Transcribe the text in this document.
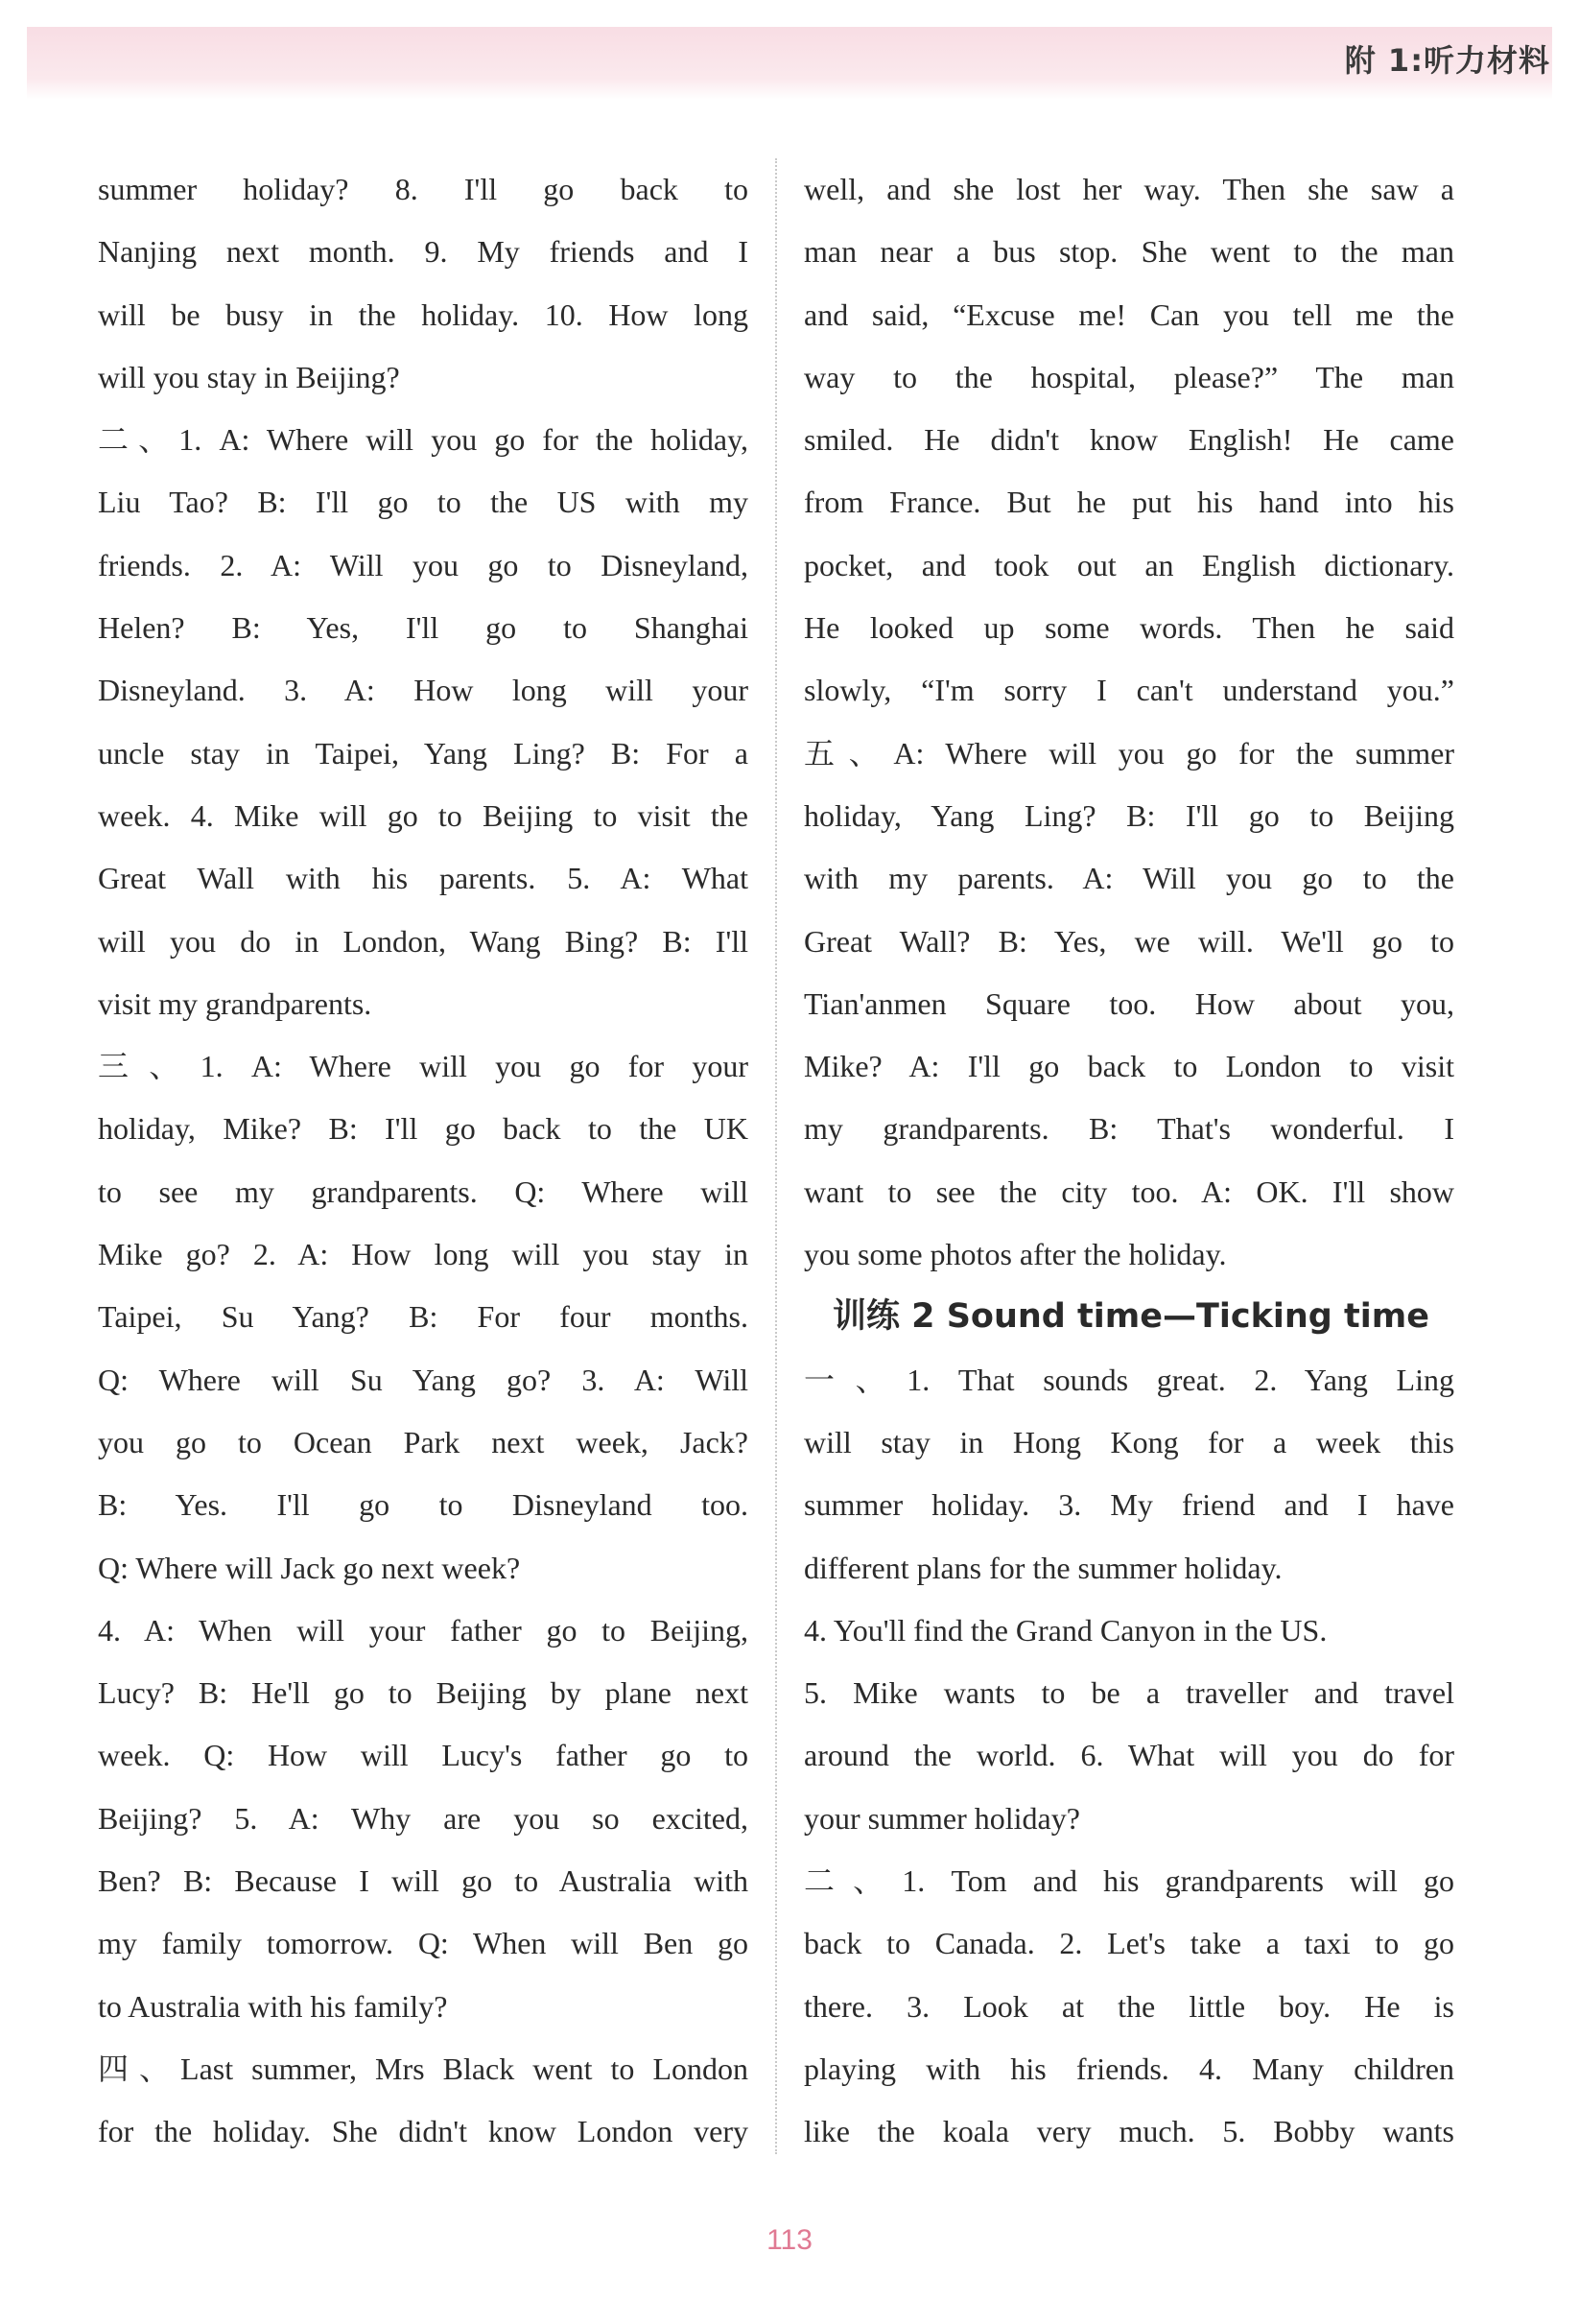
附 1:听力材料
summer holiday? 8. I'll go back to
Nanjing next month. 9. My friends and I
will be busy in the holiday. 10. How long
will you stay in Beijing?
二、1. A: Where will you go for the holiday,
Liu Tao? B: I'll go to the US with my
friends. 2. A: Will you go to Disneyland,
Helen? B: Yes, I'll go to Shanghai
Disneyland. 3. A: How long will your
uncle stay in Taipei, Yang Ling? B: For a
week. 4. Mike will go to Beijing to visit the
Great Wall with his parents. 5. A: What
will you do in London, Wang Bing? B: I'll
visit my grandparents.
三、1. A: Where will you go for your
holiday, Mike? B: I'll go back to the UK
to see my grandparents. Q: Where will
Mike go? 2. A: How long will you stay in
Taipei, Su Yang? B: For four months.
Q: Where will Su Yang go? 3. A: Will
you go to Ocean Park next week, Jack?
B: Yes. I'll go to Disneyland too.
Q: Where will Jack go next week?
4. A: When will your father go to Beijing,
Lucy? B: He'll go to Beijing by plane next
week. Q: How will Lucy's father go to
Beijing? 5. A: Why are you so excited,
Ben? B: Because I will go to Australia with
my family tomorrow. Q: When will Ben go
to Australia with his family?
四、Last summer, Mrs Black went to London
for the holiday. She didn't know London very
well, and she lost her way. Then she saw a
man near a bus stop. She went to the man
and said, “Excuse me! Can you tell me the
way to the hospital, please?” The man
smiled. He didn't know English! He came
from France. But he put his hand into his
pocket, and took out an English dictionary.
He looked up some words. Then he said
slowly, “I'm sorry I can't understand you.”
五、A: Where will you go for the summer
holiday, Yang Ling? B: I'll go to Beijing
with my parents. A: Will you go to the
Great Wall? B: Yes, we will. We'll go to
Tian'anmen Square too. How about you,
Mike? A: I'll go back to London to visit
my grandparents. B: That's wonderful. I
want to see the city too. A: OK. I'll show
you some photos after the holiday.
训练 2 Sound time—Ticking time
一、1. That sounds great. 2. Yang Ling
will stay in Hong Kong for a week this
summer holiday. 3. My friend and I have
different plans for the summer holiday.
4. You'll find the Grand Canyon in the US.
5. Mike wants to be a traveller and travel
around the world. 6. What will you do for
your summer holiday?
二、1. Tom and his grandparents will go
back to Canada. 2. Let's take a taxi to go
there. 3. Look at the little boy. He is
playing with his friends. 4. Many children
like the koala very much. 5. Bobby wants
113
